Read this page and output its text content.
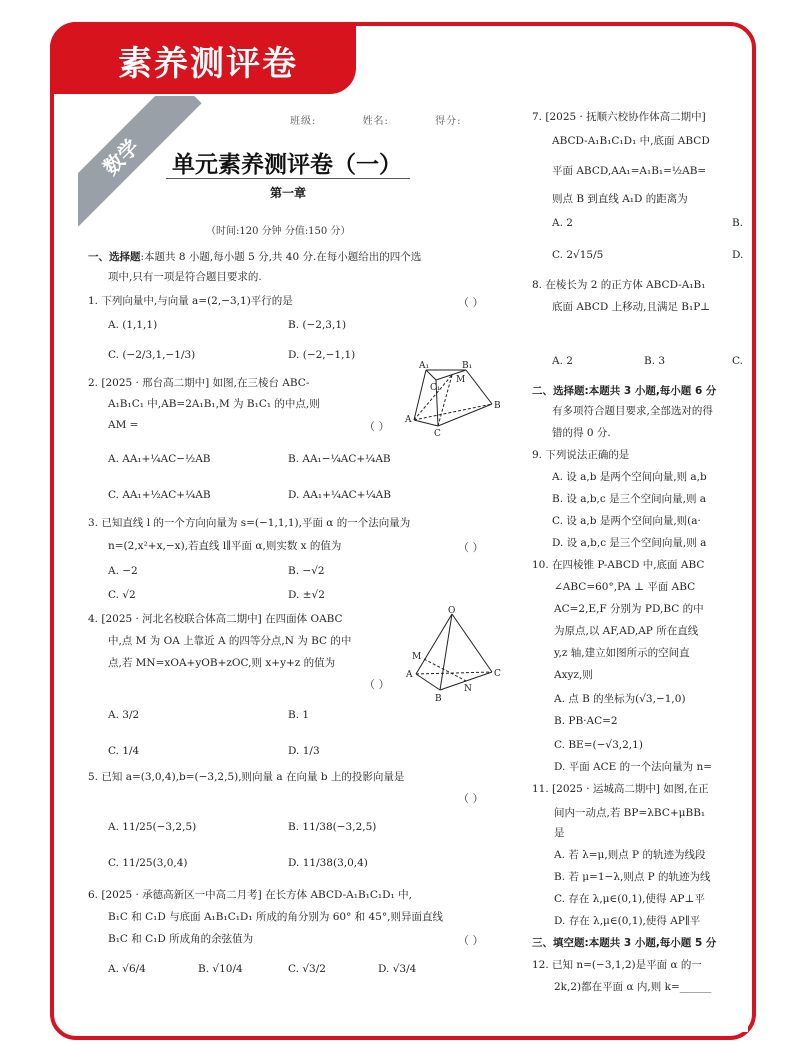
素养测评卷
数学
班级:	姓名:	得分:
单元素养测评卷（一）
第一章
（时间:120 分钟 分值:150 分）
一、选择题:本题共 8 小题,每小题 5 分,共 40 分.在每小题给出的四个选
项中,只有一项是符合题目要求的.
1. 下列向量中,与向量 a=(2,−3,1)平行的是	（ ）
A. (1,1,1)	B. (−2,3,1)
C. (−2/3,1,−1/3)	D. (−2,−1,1)
2. [2025 · 邢台高二期中] 如图,在三棱台 ABC-
A₁B₁C₁ 中,AB=2A₁B₁,M 为 B₁C₁ 的中点,则
AM =	（ ）
A. AA₁+¼AC−½AB	B. AA₁−¼AC+¼AB
C. AA₁+½AC+¼AB	D. AA₁+¼AC+¼AB
A₁	B₁
C₁
M
A
B
C
3. 已知直线 l 的一个方向向量为 s=(−1,1,1),平面 α 的一个法向量为
n=(2,x²+x,−x),若直线 l∥平面 α,则实数 x 的值为	（ ）
A. −2	B. −√2
C. √2	D. ±√2
4. [2025 · 河北名校联合体高二期中] 在四面体 OABC
中,点 M 为 OA 上靠近 A 的四等分点,N 为 BC 的中
点,若 MN=xOA+yOB+zOC,则 x+y+z 的值为
（ ）
A. 3/2	B. 1
C. 1/4	D. 1/3
O
M
A
B
N
C
5. 已知 a=(3,0,4),b=(−3,2,5),则向量 a 在向量 b 上的投影向量是
（ ）
A. 11/25(−3,2,5)	B. 11/38(−3,2,5)
C. 11/25(3,0,4)	D. 11/38(3,0,4)
6. [2025 · 承德高新区一中高二月考] 在长方体 ABCD-A₁B₁C₁D₁ 中,
B₁C 和 C₁D 与底面 A₁B₁C₁D₁ 所成的角分别为 60° 和 45°,则异面直线
B₁C 和 C₁D 所成角的余弦值为	（ ）
A. √6/4	B. √10/4	C. √3/2	D. √3/4
7. [2025 · 抚顺六校协作体高二期中]
ABCD-A₁B₁C₁D₁ 中,底面 ABCD
平面 ABCD,AA₁=A₁B₁=½AB=
则点 B 到直线 A₁D 的距离为
A. 2	B.
C. 2√15/5	D.
8. 在棱长为 2 的正方体 ABCD-A₁B₁
底面 ABCD 上移动,且满足 B₁P⊥
A. 2	B. 3	C.
二、选择题:本题共 3 小题,每小题 6 分
有多项符合题目要求,全部选对的得
错的得 0 分.
9. 下列说法正确的是
A. 设 a,b 是两个空间向量,则 a,b
B. 设 a,b,c 是三个空间向量,则 a
C. 设 a,b 是两个空间向量,则(a·
D. 设 a,b,c 是三个空间向量,则 a
10. 在四棱锥 P-ABCD 中,底面 ABC
∠ABC=60°,PA ⊥ 平面 ABC
AC=2,E,F 分别为 PD,BC 的中
为原点,以 AF,AD,AP 所在直线
y,z 轴,建立如图所示的空间直
Axyz,则
A. 点 B 的坐标为(√3,−1,0)
B. PB·AC=2
C. BE=(−√3,2,1)
D. 平面 ACE 的一个法向量为 n=
11. [2025 · 运城高二期中] 如图,在正
间内一动点,若 BP=λBC+μBB₁
是
A. 若 λ=μ,则点 P 的轨迹为线段
B. 若 μ=1−λ,则点 P 的轨迹为线
C. 存在 λ,μ∈(0,1),使得 AP⊥平
D. 存在 λ,μ∈(0,1),使得 AP∥平
三、填空题:本题共 3 小题,每小题 5 分
12. 已知 n=(−3,1,2)是平面 α 的一
2k,2)都在平面 α 内,则 k=______
